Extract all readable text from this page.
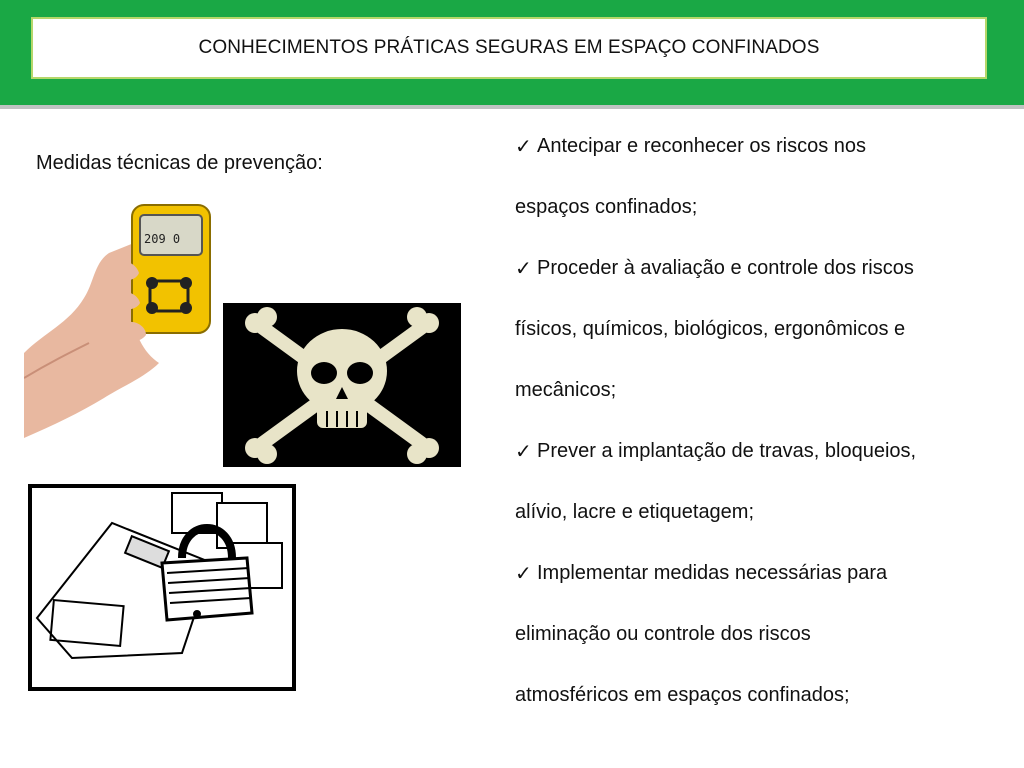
CONHECIMENTOS PRÁTICAS SEGURAS EM ESPAÇO CONFINADOS
Medidas técnicas de prevenção:
209 0
✓ Antecipar e reconhecer os riscos nos
espaços confinados;
✓ Proceder à avaliação e controle dos riscos
físicos, químicos, biológicos, ergonômicos e
mecânicos;
✓ Prever a implantação de travas, bloqueios,
alívio, lacre e etiquetagem;
✓ Implementar medidas necessárias para
eliminação ou controle dos riscos
atmosféricos em espaços confinados;
